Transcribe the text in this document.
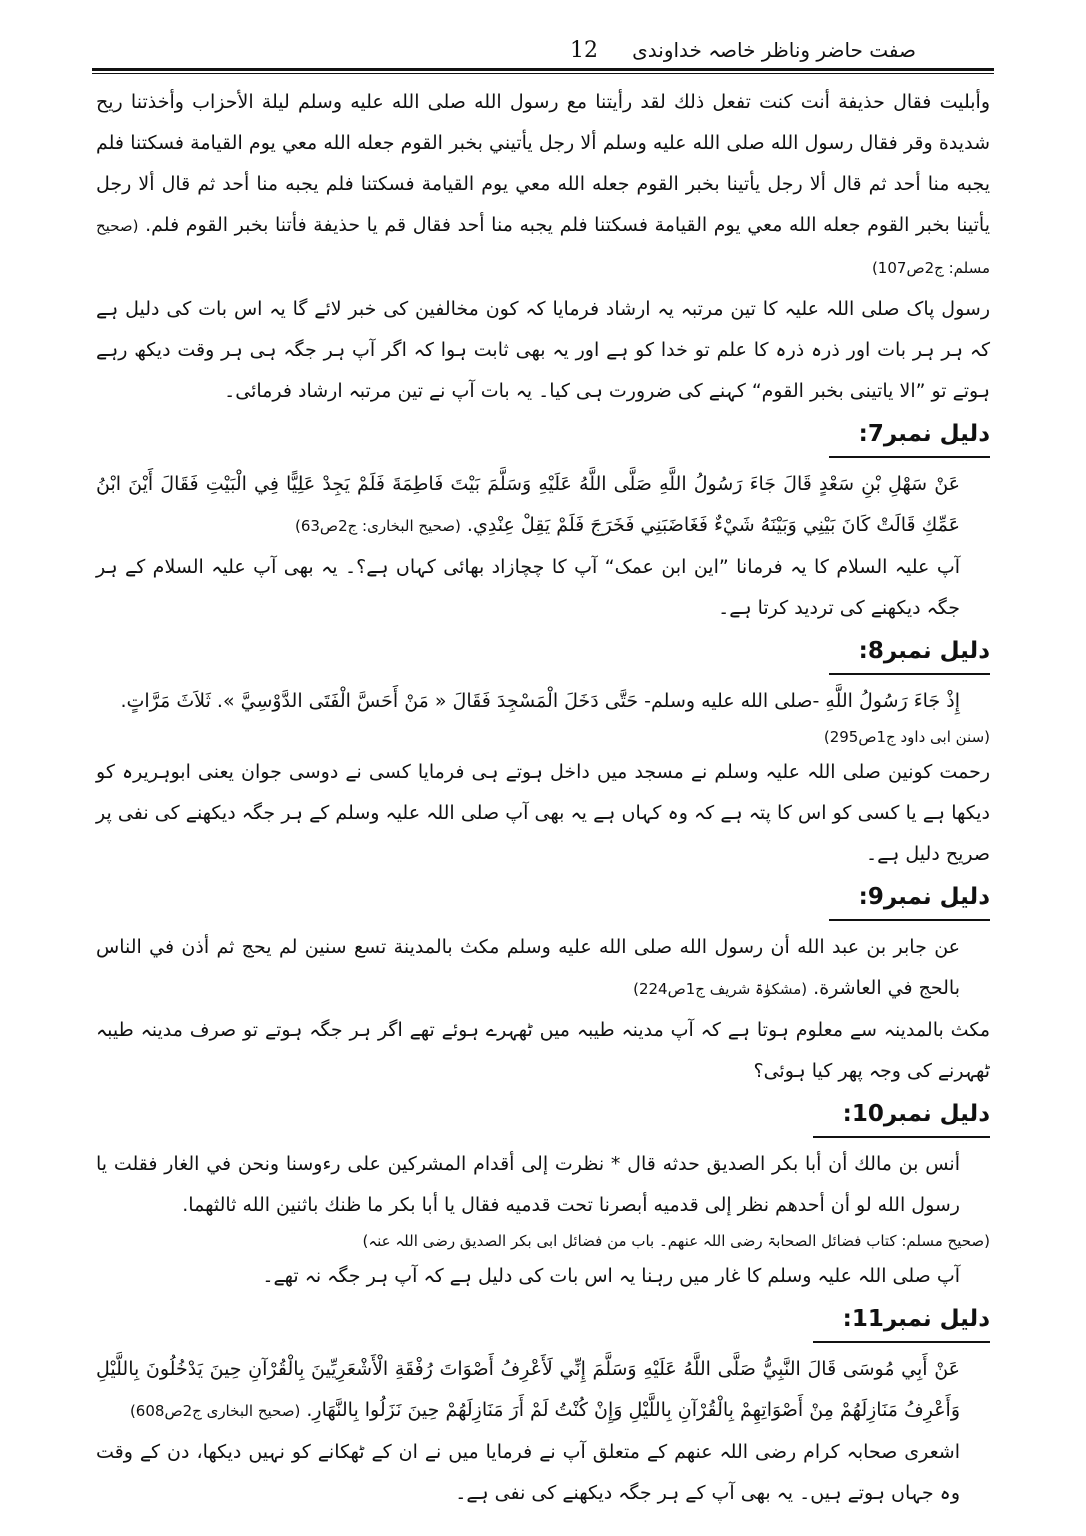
صفت حاضر وناظر خاصہ خداوندی
12

وأبليت فقال حذيفة أنت كنت تفعل ذلك لقد رأيتنا مع رسول الله صلى الله عليه وسلم ليلة الأحزاب وأخذتنا ريح شديدة وقر فقال رسول الله صلى الله عليه وسلم ألا رجل يأتيني بخبر القوم جعله الله معي يوم القيامة فسكتنا فلم يجبه منا أحد ثم قال ألا رجل يأتينا بخبر القوم جعله الله معي يوم القيامة فسكتنا فلم يجبه منا أحد ثم قال ألا رجل يأتينا بخبر القوم جعله الله معي يوم القيامة فسكتنا فلم يجبه منا أحد فقال قم يا حذيفة فأتنا بخبر القوم فلم. (صحیح مسلم: ج2ص107)

رسول پاک صلی اللہ علیہ کا تین مرتبہ یہ ارشاد فرمایا کہ کون مخالفین کی خبر لائے گا یہ اس بات کی دلیل ہے کہ ہر ہر بات اور ذرہ ذرہ کا علم تو خدا کو ہے اور یہ بھی ثابت ہوا کہ اگر آپ ہر جگہ ہی ہر وقت دیکھ رہے ہوتے تو ”الا یاتینی بخبر القوم“ کہنے کی ضرورت ہی کیا۔ یہ بات آپ نے تین مرتبہ ارشاد فرمائی۔

دلیل نمبر7:

عَنْ سَهْلِ بْنِ سَعْدٍ قَالَ جَاءَ رَسُولُ اللَّهِ صَلَّى اللَّهُ عَلَيْهِ وَسَلَّمَ بَيْتَ فَاطِمَةَ فَلَمْ يَجِدْ عَلِيًّا فِي الْبَيْتِ فَقَالَ أَيْنَ ابْنُ عَمِّكِ قَالَتْ كَانَ بَيْنِي وَبَيْنَهُ شَيْءٌ فَغَاضَبَنِي فَخَرَجَ فَلَمْ يَقِلْ عِنْدِي. (صحیح البخاری: ج2ص63)

آپ علیہ السلام کا یہ فرمانا ”این ابن عمک“ آپ کا چچازاد بھائی کہاں ہے؟۔ یہ بھی آپ علیہ السلام کے ہر جگہ دیکھنے کی تردید کرتا ہے۔

دلیل نمبر8:

إِذْ جَاءَ رَسُولُ اللَّهِ -صلى الله عليه وسلم- حَتَّى دَخَلَ الْمَسْجِدَ فَقَالَ « مَنْ أَحَسَّ الْفَتَى الدَّوْسِيَّ ». ثَلاَثَ مَرَّاتٍ.

(سنن ابی داود ج1ص295)

رحمت کونین صلی اللہ علیہ وسلم نے مسجد میں داخل ہوتے ہی فرمایا کسی نے دوسی جوان یعنی ابوہریرہ کو دیکھا ہے یا کسی کو اس کا پتہ ہے کہ وہ کہاں ہے یہ بھی آپ صلی اللہ علیہ وسلم کے ہر جگہ دیکھنے کی نفی پر صریح دلیل ہے۔

دلیل نمبر9:

عن جابر بن عبد الله أن رسول الله صلى الله عليه وسلم مكث بالمدينة تسع سنين لم يحج ثم أذن في الناس بالحج في العاشرة. (مشکوٰۃ شریف ج1ص224)

مکث بالمدینہ سے معلوم ہوتا ہے کہ آپ مدینہ طیبہ میں ٹھہرے ہوئے تھے اگر ہر جگہ ہوتے تو صرف مدینہ طیبہ ٹھہرنے کی وجہ پھر کیا ہوئی؟

دلیل نمبر10:

أنس بن مالك أن أبا بكر الصديق حدثه قال * نظرت إلى أقدام المشركين على رءوسنا ونحن في الغار فقلت يا رسول الله لو أن أحدهم نظر إلى قدميه أبصرنا تحت قدميه فقال يا أبا بكر ما ظنك باثنين الله ثالثهما.

(صحیح مسلم: کتاب فضائل الصحابۃ رضی اللہ عنھم۔ باب من فضائل ابی بکر الصدیق رضی اللہ عنہ)

آپ صلی اللہ علیہ وسلم کا غار میں رہنا یہ اس بات کی دلیل ہے کہ آپ ہر جگہ نہ تھے۔

دلیل نمبر11:

عَنْ أَبِي مُوسَى قَالَ النَّبِيُّ صَلَّى اللَّهُ عَلَيْهِ وَسَلَّمَ إِنِّي لَأَعْرِفُ أَصْوَاتَ رُفْقَةِ الْأَشْعَرِيِّينَ بِالْقُرْآنِ حِينَ يَدْخُلُونَ بِاللَّيْلِ وَأَعْرِفُ مَنَازِلَهُمْ مِنْ أَصْوَاتِهِمْ بِالْقُرْآنِ بِاللَّيْلِ وَإِنْ كُنْتُ لَمْ أَرَ مَنَازِلَهُمْ حِينَ نَزَلُوا بِالنَّهَارِ. (صحیح البخاری ج2ص608)

اشعری صحابہ کرام رضی اللہ عنھم کے متعلق آپ نے فرمایا میں نے ان کے ٹھکانے کو نہیں دیکھا، دن کے وقت وہ جہاں ہوتے ہیں۔ یہ بھی آپ کے ہر جگہ دیکھنے کی نفی ہے۔
